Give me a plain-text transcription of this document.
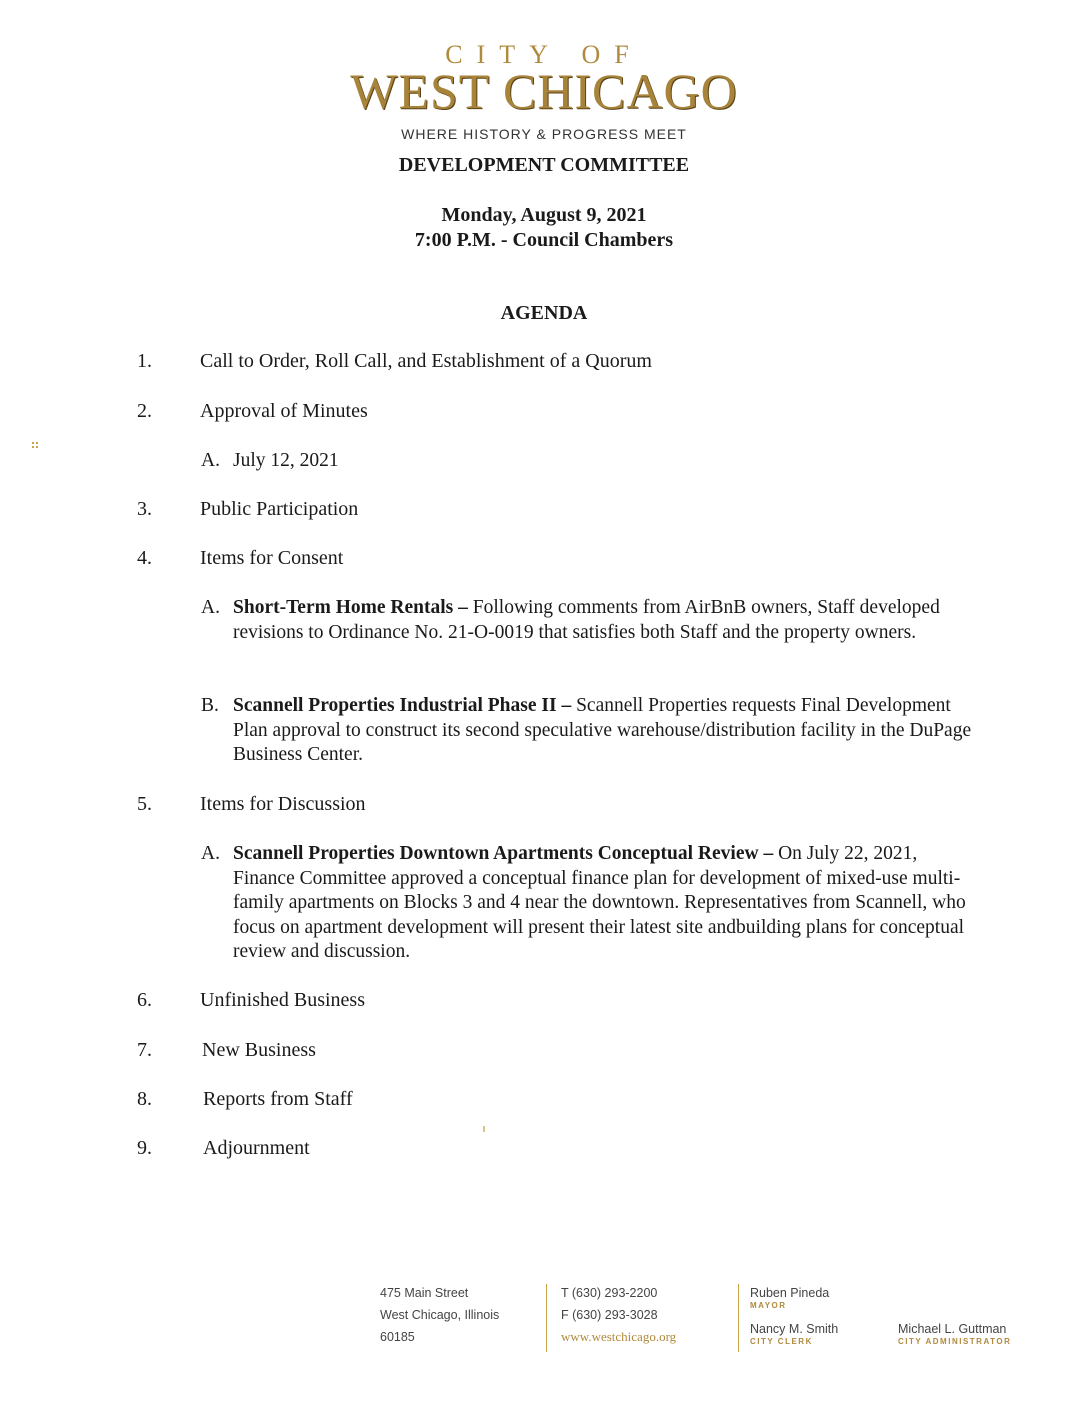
CITY OF
WEST CHICAGO
WHERE HISTORY & PROGRESS MEET
DEVELOPMENT COMMITTEE
Monday, August 9, 2021
7:00 P.M. - Council Chambers
AGENDA
1. Call to Order, Roll Call, and Establishment of a Quorum
2. Approval of Minutes
A. July 12, 2021
3. Public Participation
4. Items for Consent
A. Short-Term Home Rentals – Following comments from AirBnB owners, Staff developed revisions to Ordinance No. 21-O-0019 that satisfies both Staff and the property owners.
B. Scannell Properties Industrial Phase II – Scannell Properties requests Final Development Plan approval to construct its second speculative warehouse/distribution facility in the DuPage Business Center.
5. Items for Discussion
A. Scannell Properties Downtown Apartments Conceptual Review – On July 22, 2021, Finance Committee approved a conceptual finance plan for development of mixed-use multi-family apartments on Blocks 3 and 4 near the downtown. Representatives from Scannell, who focus on apartment development will present their latest site andbuilding plans for conceptual review and discussion.
6. Unfinished Business
7.	New Business
8.	Reports from Staff
9.	Adjournment
475 Main Street
West Chicago, Illinois
60185
T (630) 293-2200
F (630) 293-3028
www.westchicago.org
Ruben Pineda
MAYOR
Nancy M. Smith
CITY CLERK
Michael L. Guttman
CITY ADMINISTRATOR
